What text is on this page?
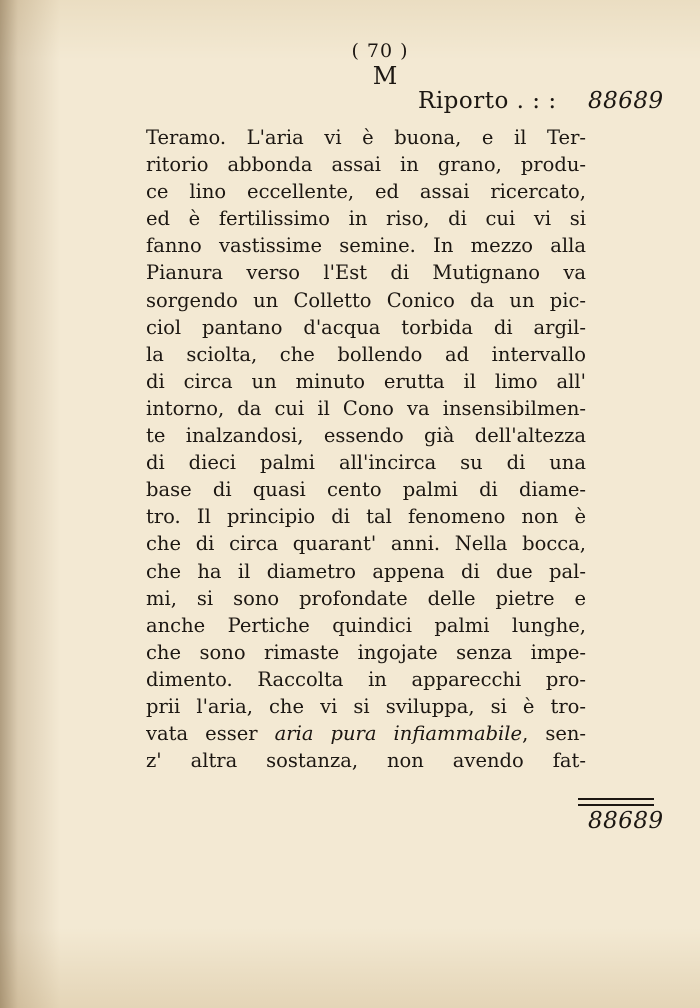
( 70 )
M
Riporto . : : 88689
Teramo. L'aria vi è buona, e il Ter-
ritorio abbonda assai in grano, produ-
ce lino eccellente, ed assai ricercato,
ed è fertilissimo in riso, di cui vi si
fanno vastissime semine. In mezzo alla
Pianura verso l'Est di Mutignano va
sorgendo un Colletto Conico da un pic-
ciol pantano d'acqua torbida di argil-
la sciolta, che bollendo ad intervallo
di circa un minuto erutta il limo all'
intorno, da cui il Cono va insensibilmen-
te inalzandosi, essendo già dell'altezza
di dieci palmi all'incirca su di una
base di quasi cento palmi di diame-
tro. Il principio di tal fenomeno non è
che di circa quarant' anni. Nella bocca,
che ha il diametro appena di due pal-
mi, si sono profondate delle pietre e
anche Pertiche quindici palmi lunghe,
che sono rimaste ingojate senza impe-
dimento. Raccolta in apparecchi pro-
prii l'aria, che vi si sviluppa, si è tro-
vata esser aria pura infiammabile, sen-
z' altra sostanza, non avendo fat-
88689
